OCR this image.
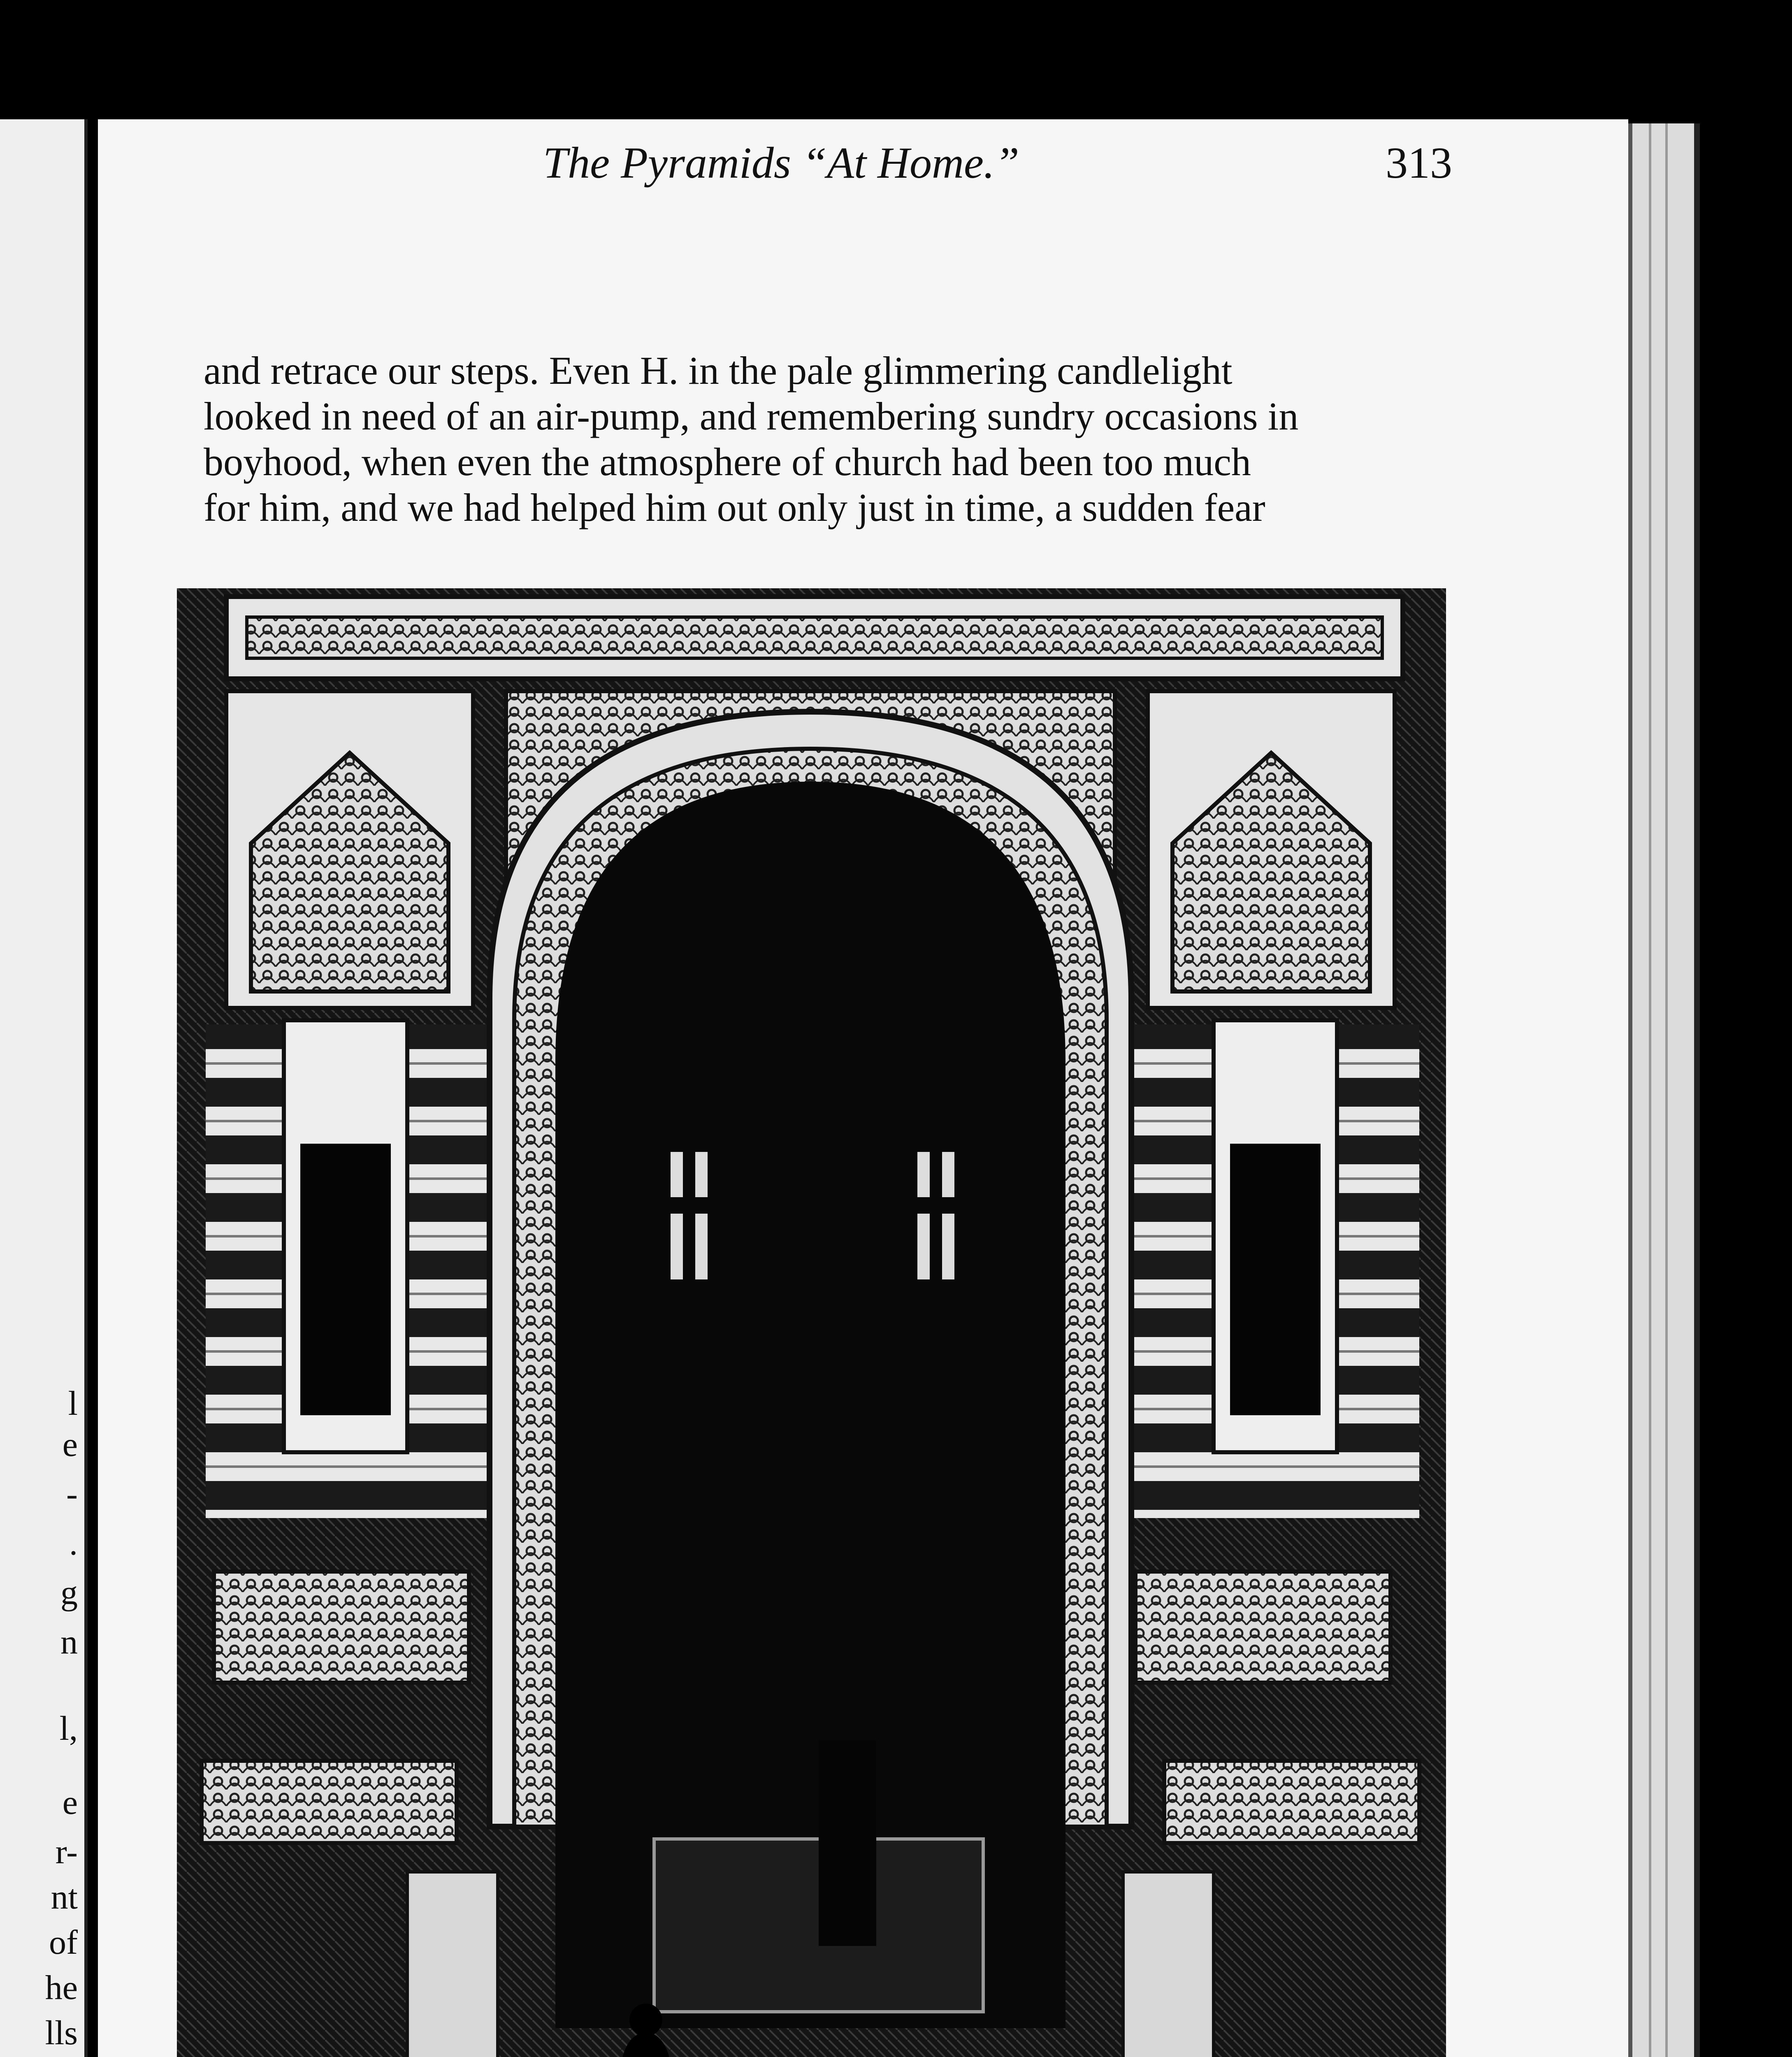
l
e
-
.
g
n
l,
e
r-
nt
of
he
lls
The Pyramids “At Home.”	313

and retrace our steps. Even H. in the pale glimmering candlelight

looked in need of an air-pump, and remembering sundry occasions in

boyhood, when even the atmosphere of church had been too much

for him, and we had helped him out only just in time, a sudden fear
